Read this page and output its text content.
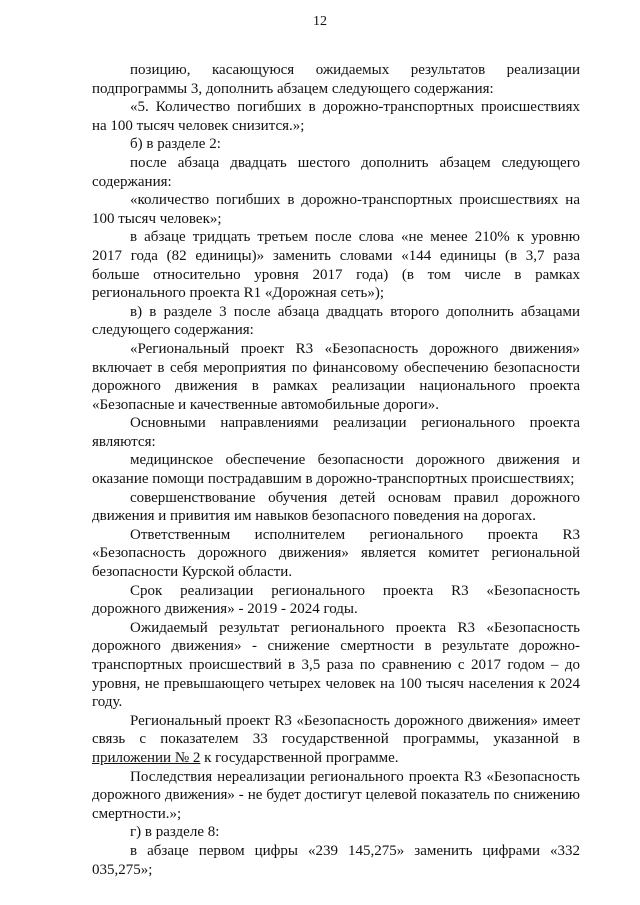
12

позицию, касающуюся ожидаемых результатов реализации подпрограммы 3, дополнить абзацем следующего содержания:

«5. Количество погибших в дорожно-транспортных происшествиях на 100 тысяч человек снизится.»;

б) в разделе 2:

после абзаца двадцать шестого дополнить абзацем следующего содержания:

«количество погибших в дорожно-транспортных происшествиях на 100 тысяч человек»;

в абзаце тридцать третьем после слова «не менее 210% к уровню 2017 года (82 единицы)» заменить словами «144 единицы (в 3,7 раза больше относительно уровня 2017 года) (в том числе в рамках регионального проекта R1 «Дорожная сеть»);

в) в разделе 3 после абзаца двадцать второго дополнить абзацами следующего содержания:

«Региональный проект R3 «Безопасность дорожного движения» включает в себя мероприятия по финансовому обеспечению безопасности дорожного движения в рамках реализации национального проекта «Безопасные и качественные автомобильные дороги».

Основными направлениями реализации регионального проекта являются:

медицинское обеспечение безопасности дорожного движения и оказание помощи пострадавшим в дорожно-транспортных происшествиях;

совершенствование обучения детей основам правил дорожного движения и привития им навыков безопасного поведения на дорогах.

Ответственным исполнителем регионального проекта R3 «Безопасность дорожного движения» является комитет региональной безопасности Курской области.

Срок реализации регионального проекта R3 «Безопасность дорожного движения» - 2019 - 2024 годы.

Ожидаемый результат регионального проекта R3 «Безопасность дорожного движения» - снижение смертности в результате дорожно-транспортных происшествий в 3,5 раза по сравнению с 2017 годом – до уровня, не превышающего четырех человек на 100 тысяч населения к 2024 году.

Региональный проект R3 «Безопасность дорожного движения» имеет связь с показателем 33 государственной программы, указанной в приложении № 2 к государственной программе.

Последствия нереализации регионального проекта R3 «Безопасность дорожного движения» - не будет достигут целевой показатель по снижению смертности.»;

г) в разделе 8:

в абзаце первом цифры «239 145,275» заменить цифрами «332 035,275»;
